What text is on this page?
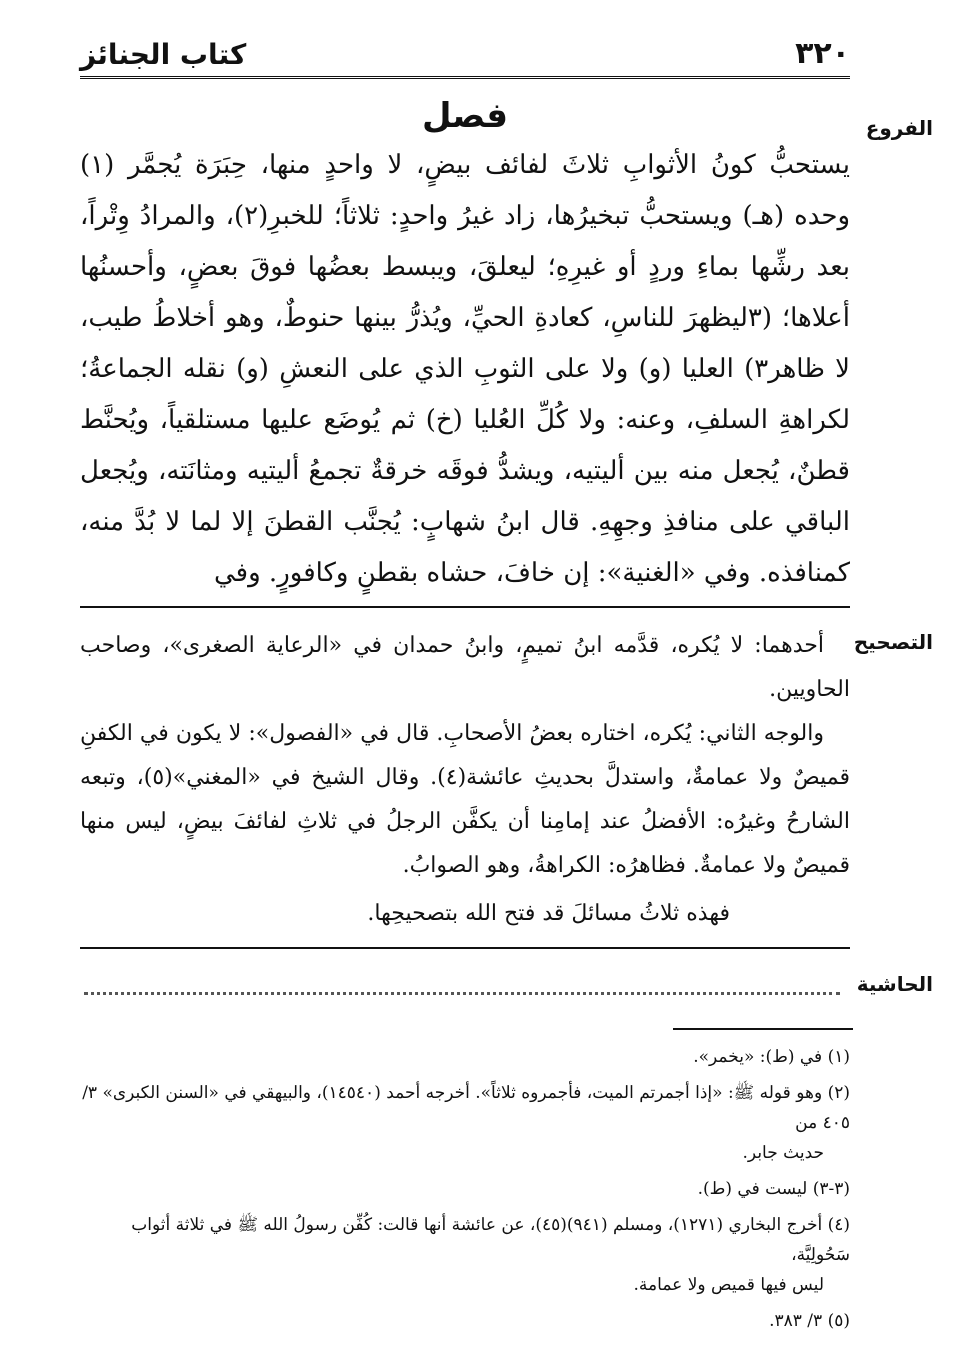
٣٢٠
كتاب الجنائز
الفروع
فصل
يستحبُّ كونُ الأثوابِ ثلاثَ لفائف بيضٍ، لا واحدٍ منها، حِبَرَة يُجمَّر (١) وحده (هـ) ويستحبُّ تبخيرُها، زاد غيرُ واحدٍ: ثلاثاً؛ للخبرِ(٢)، والمرادُ وِتْراً، بعد رشِّها بماءِ وردٍ أو غيرِهِ؛ ليعلقَ، ويبسط بعضُها فوقَ بعضٍ، وأحسنُها أعلاها؛ (٣ليظهرَ للناسِ، كعادةِ الحيِّ، ويُذرُّ بينها حنوطٌ، وهو أخلاطُ طيب، لا ظاهر٣) العليا (و) ولا على الثوبِ الذي على النعشِ (و) نقله الجماعةُ؛ لكراهةِ السلفِ، وعنه: ولا كُلِّ العُليا (خ) ثم يُوضَع عليها مستلقياً، ويُحنَّط قطنٌ، يُجعل منه بين أليتيه، ويشدُّ فوقَه خرقةٌ تجمعُ أليتيه ومثانَته، ويُجعل الباقي على منافذِ وجهِهِ. قال ابنُ شهابٍ: يُجنَّب القطنَ إلا لما لا بُدَّ منه، كمنافذه. وفي «الغنية»: إن خافَ، حشاه بقطنٍ وكافورٍ. وفي
التصحيح

أحدهما: لا يُكره، قدَّمه ابنُ تميمٍ، وابنُ حمدان في «الرعاية الصغرى»، وصاحب الحاويين.

والوجه الثاني: يُكره، اختاره بعضُ الأصحابِ. قال في «الفصول»: لا يكون في الكفنِ قميصٌ ولا عمامةٌ، واستدلَّ بحديثِ عائشة(٤). وقال الشيخ في «المغني»(٥)، وتبعه الشارحُ وغيرُه: الأفضلُ عند إمامِنا أن يكفَّن الرجلُ في ثلاثِ لفائفَ بيضٍ، ليس منها قميصٌ ولا عمامةٌ. فظاهرُه: الكراهةُ، وهو الصوابُ.

فهذه ثلاثُ مسائلَ قد فتح الله بتصحيحِها.

الحاشية
(١) في (ط): «يخمر».
(٢) وهو قوله ﷺ: «إذا أجمرتم الميت، فأجمروه ثلاثاً». أخرجه أحمد (١٤٥٤٠)، والبيهقي في «السنن الكبرى» ٣/ ٤٠٥ من
حديث جابر.
(٣-٣) ليست في (ط).
(٤) أخرج البخاري (١٢٧١)، ومسلم (٩٤١)(٤٥)، عن عائشة أنها قالت: كُفِّن رسولُ الله ﷺ في ثلاثة أثواب سَحُولِيَّة،
ليس فيها قميص ولا عمامة.
(٥) ٣/ ٣٨٣.
